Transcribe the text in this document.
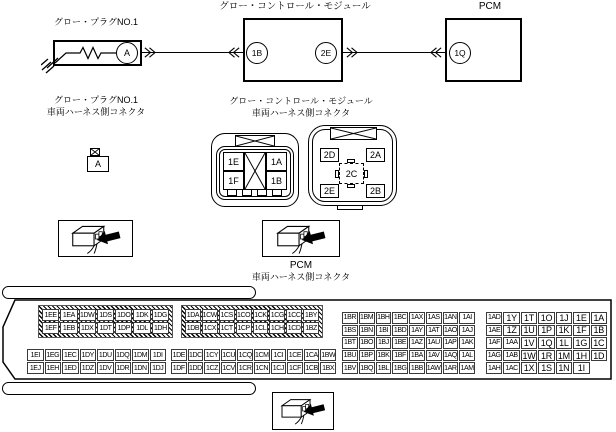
グロー・プラグNO.1
グロー・コントロール・モジュール	PCM
A	1B	2E	1Q
グロー・プラグNO.1
車両ハーネス側コネクタ
グロー・コントロール・モジュール
車両ハーネス側コネクタ
A	1E	1A
1F	1B
2D	2A
2E	2B
2C
PCM
車両ハーネス側コネクタ
1EE 1EA 1DW 1DS 1DO 1DK 1DG
1EF 1EB 1DX 1DT 1DP 1DL 1DH
1DA 1CW 1CS 1CO 1CK 1CG 1CC 1BY
1DB 1CX 1CT 1CP 1CL 1CH 1CD 1BZ
1EI 1EG 1EC 1DY 1DU 1DQ 1DM 1DI
1EJ 1EH 1ED 1DZ 1DV 1DR 1DN 1DJ
1DE 1DC 1CY 1CU 1CQ 1CM 1CI 1CE 1CA 1BW
1DF 1DD 1CZ 1CV 1CR 1CN 1CJ 1CF 1CB 1BX
1BR 1BM 1BH 1BC 1AX 1AS 1AN 1AI
1BS 1BN 1BI 1BD 1AY 1AT 1AO 1AJ
1BT 1BO 1BJ 1BE 1AZ 1AU 1AP 1AK
1BU 1BP 1BK 1BF 1BA 1AV 1AQ 1AL
1BV 1BQ 1BL 1BG 1BB 1AW 1AR 1AM
1AD 1Y 1T 1O 1J 1E 1A
1AE 1Z 1U 1P 1K 1F 1B
1AF 1AA 1V 1Q 1L 1G 1C
1AG 1AB 1W 1R 1M 1H 1D
1AH 1AC 1X 1S 1N 1I
